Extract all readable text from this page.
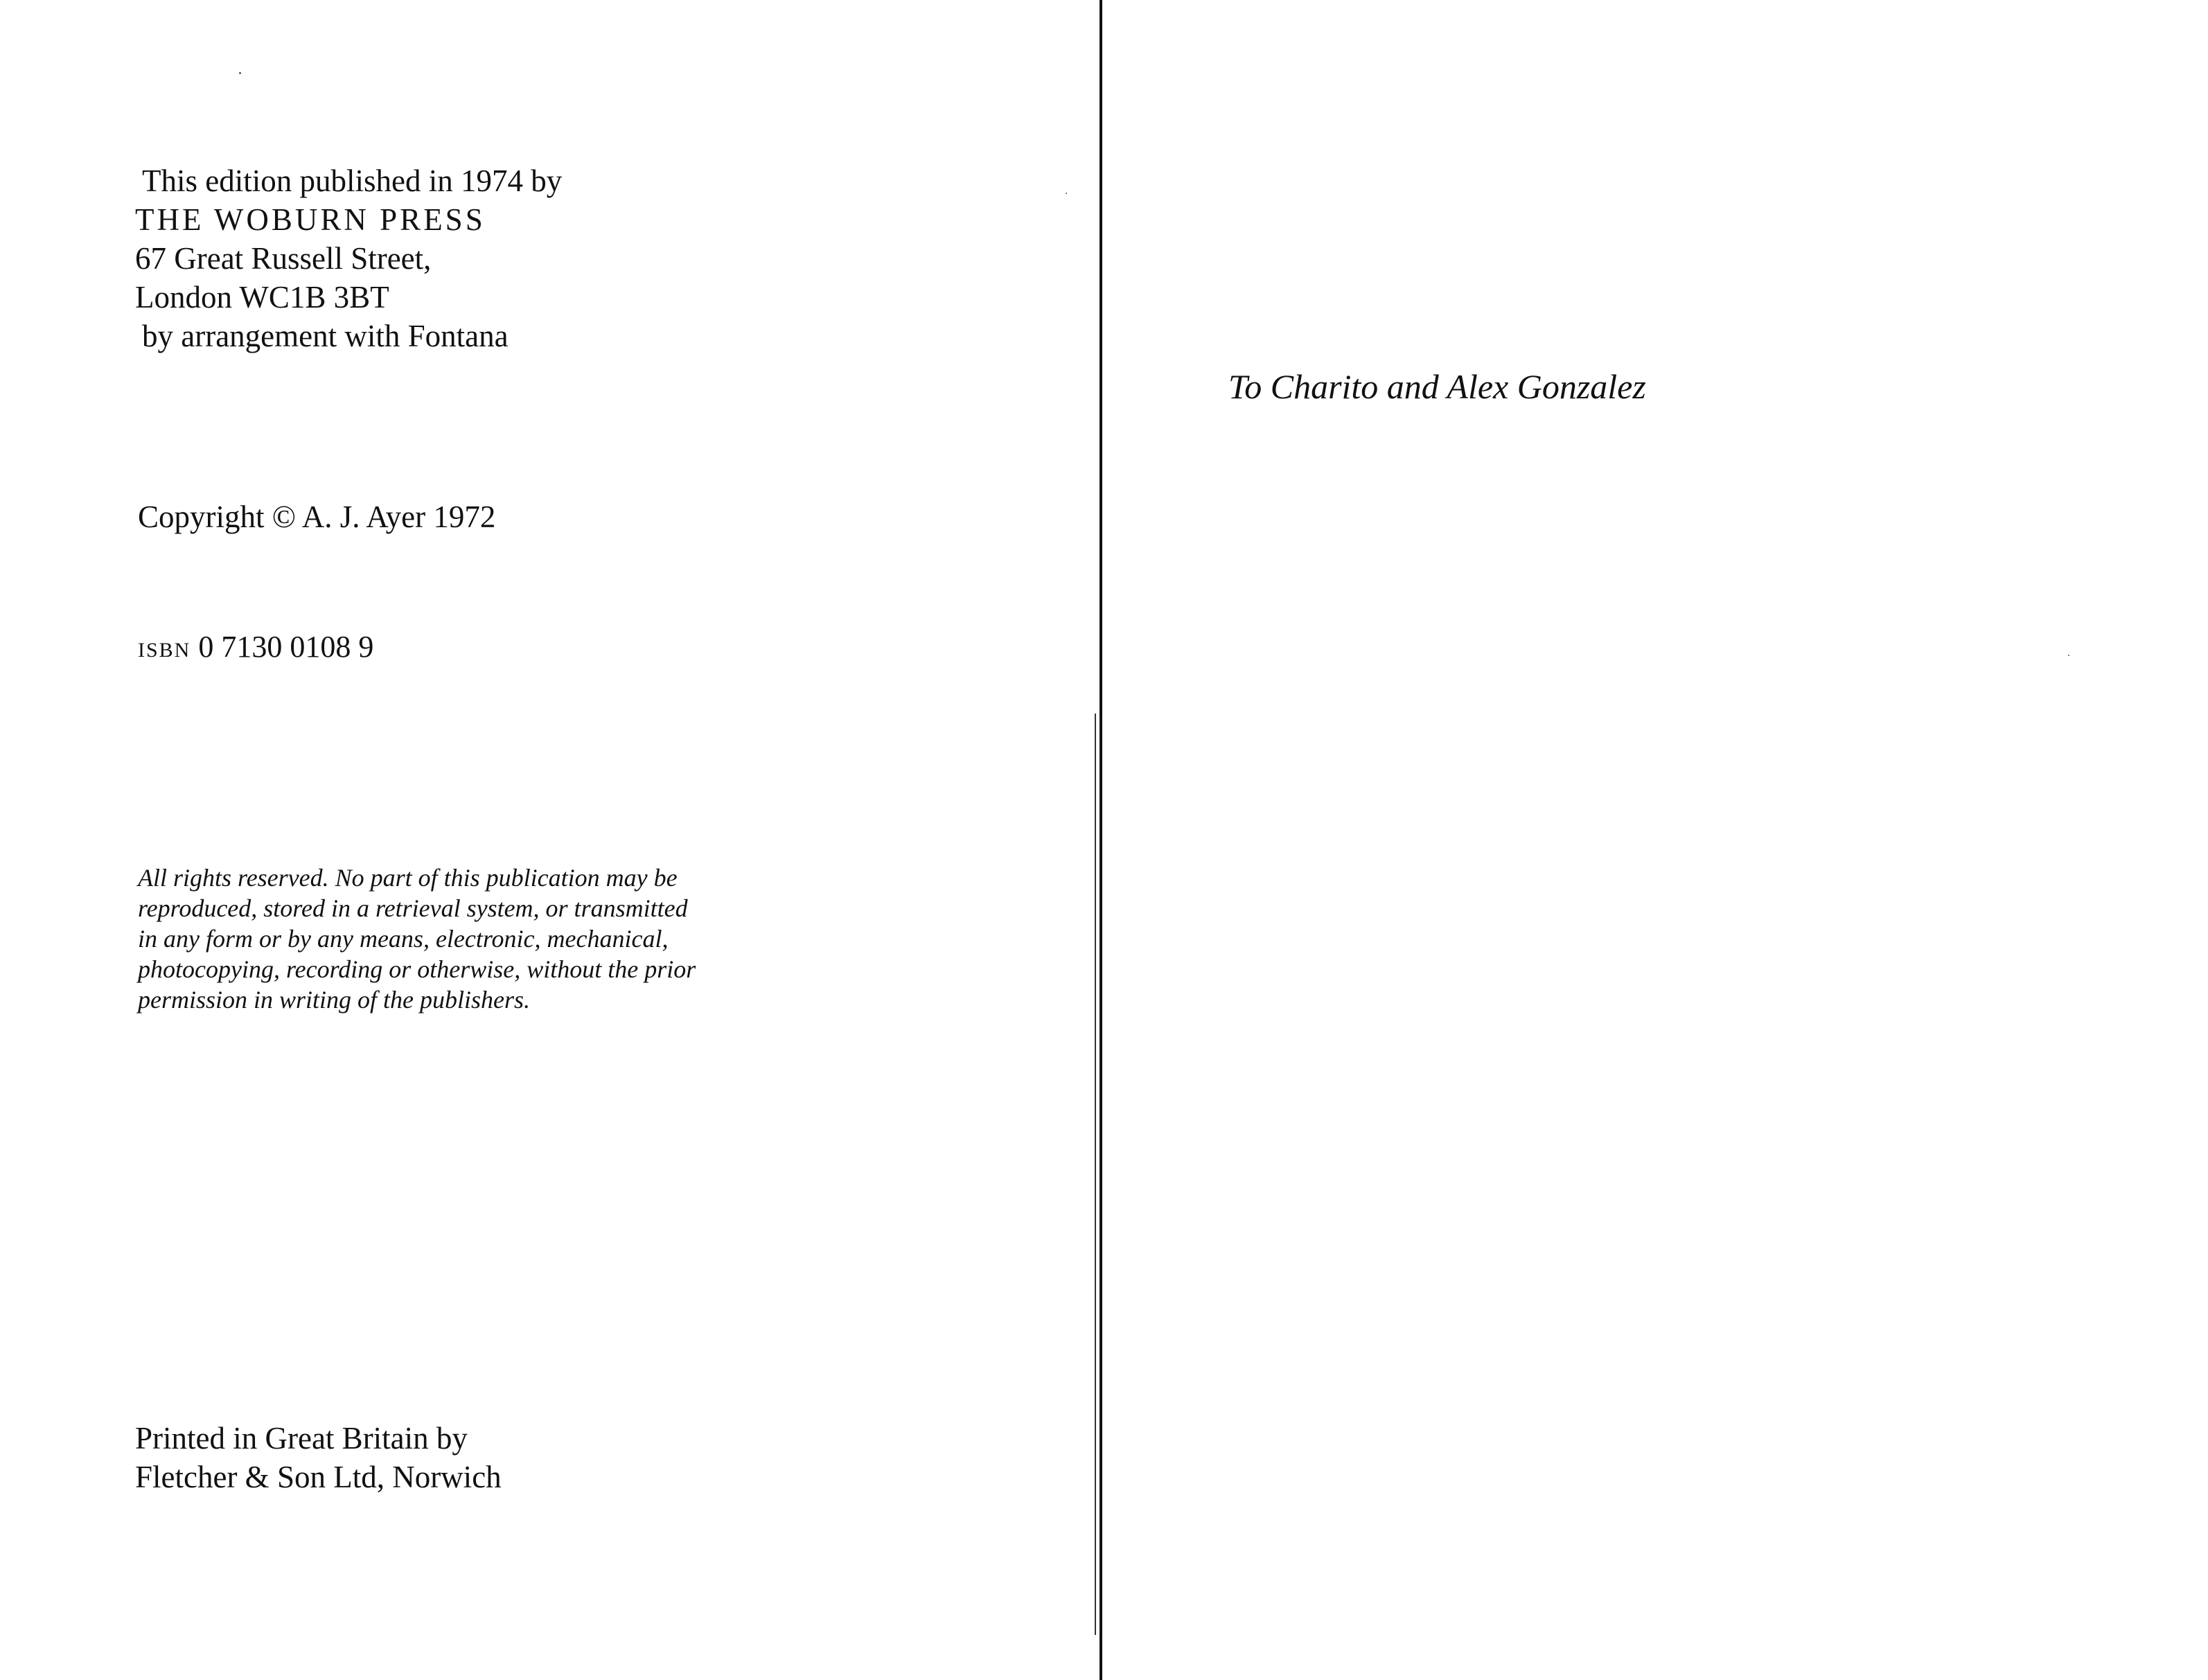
This edition published in 1974 by
THE WOBURN PRESS
67 Great Russell Street,
London WC1B 3BT
by arrangement with Fontana
Copyright © A. J. Ayer 1972
ISBN 0 7130 0108 9
All rights reserved. No part of this publication may be
reproduced, stored in a retrieval system, or transmitted
in any form or by any means, electronic, mechanical,
photocopying, recording or otherwise, without the prior
permission in writing of the publishers.
Printed in Great Britain by
Fletcher & Son Ltd, Norwich
To Charito and Alex Gonzalez
